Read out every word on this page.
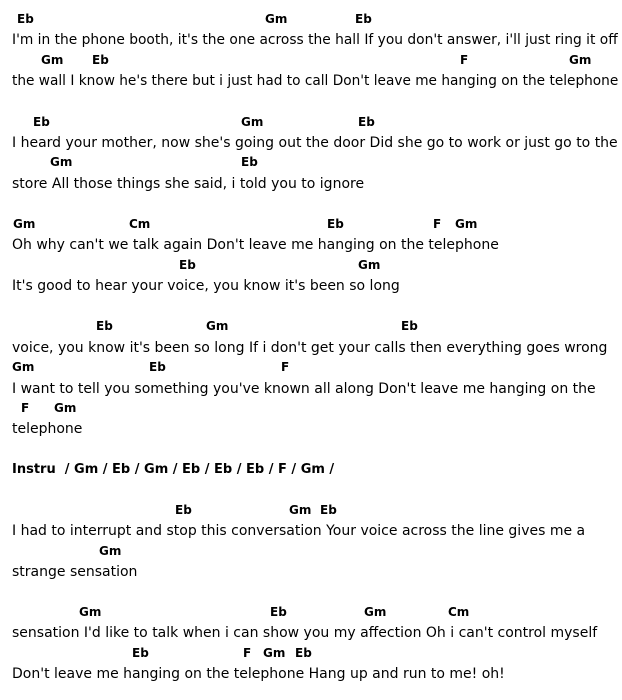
Eb	Gm	Eb
I'm in the phone booth, it's the one across the hall If you don't answer, i'll just ring it off
Gm Eb	F	Gm
the wall I know he's there but i just had to call Don't leave me hanging on the telephone
Eb	Gm	Eb
I heard your mother, now she's going out the door Did she go to work or just go to the
Gm	Eb
store All those things she said, i told you to ignore
Gm	Cm	Eb	F Gm
Oh why can't we talk again Don't leave me hanging on the telephone
Eb	Gm
It's good to hear your voice, you know it's been so long
Eb	Gm	Eb
voice, you know it's been so long If i don't get your calls then everything goes wrong
Gm	Eb	F
I want to tell you something you've known all along Don't leave me hanging on the
F Gm
telephone
Instru  / Gm / Eb / Gm / Eb / Eb / Eb / F / Gm /
Eb	Gm Eb
I had to interrupt and stop this conversation Your voice across the line gives me a
Gm
strange sensation
Gm	Eb	Gm	Cm
sensation I'd like to talk when i can show you my affection Oh i can't control myself
Eb	F Gm Eb
Don't leave me hanging on the telephone Hang up and run to me! oh!
